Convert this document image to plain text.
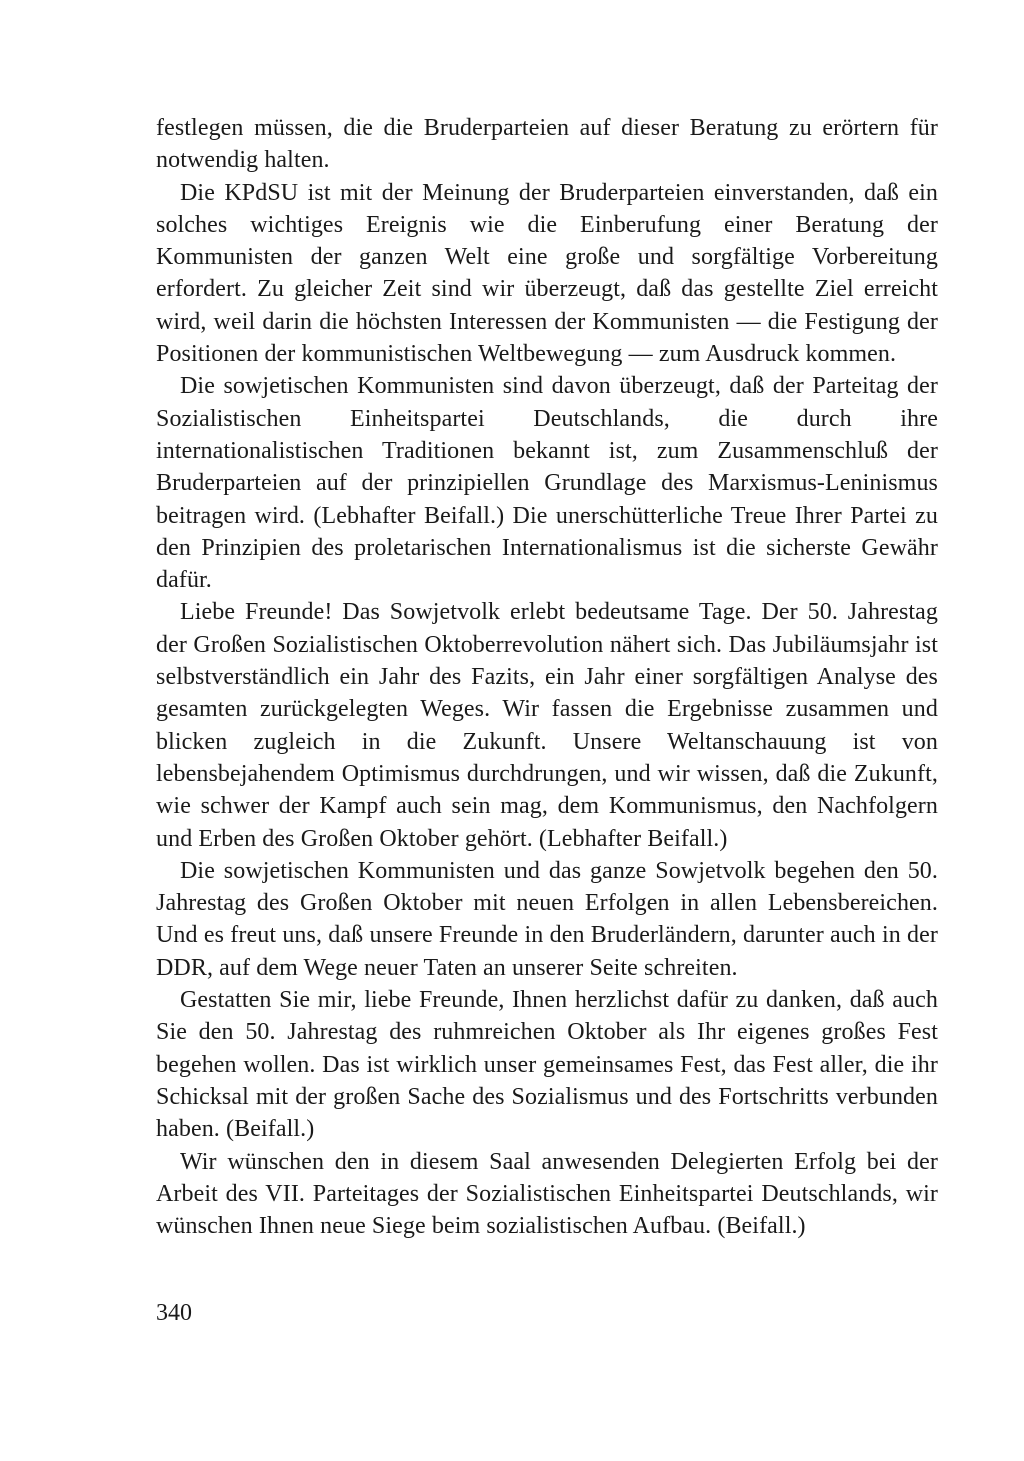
festlegen müssen, die die Bruderparteien auf dieser Beratung zu erörtern für notwendig halten.

Die KPdSU ist mit der Meinung der Bruderparteien einverstanden, daß ein solches wichtiges Ereignis wie die Einberufung einer Beratung der Kommunisten der ganzen Welt eine große und sorgfältige Vorbereitung erfordert. Zu gleicher Zeit sind wir überzeugt, daß das gestellte Ziel erreicht wird, weil darin die höchsten Interessen der Kommunisten — die Festigung der Positionen der kommunistischen Weltbewegung — zum Ausdruck kommen.

Die sowjetischen Kommunisten sind davon überzeugt, daß der Parteitag der Sozialistischen Einheitspartei Deutschlands, die durch ihre internationalistischen Traditionen bekannt ist, zum Zusammenschluß der Bruderparteien auf der prinzipiellen Grundlage des Marxismus-Leninismus beitragen wird. (Lebhafter Beifall.) Die unerschütterliche Treue Ihrer Partei zu den Prinzipien des proletarischen Internationalismus ist die sicherste Gewähr dafür.

Liebe Freunde! Das Sowjetvolk erlebt bedeutsame Tage. Der 50. Jahrestag der Großen Sozialistischen Oktoberrevolution nähert sich. Das Jubiläumsjahr ist selbstverständlich ein Jahr des Fazits, ein Jahr einer sorgfältigen Analyse des gesamten zurückgelegten Weges. Wir fassen die Ergebnisse zusammen und blicken zugleich in die Zukunft. Unsere Weltanschauung ist von lebensbejahendem Optimismus durchdrungen, und wir wissen, daß die Zukunft, wie schwer der Kampf auch sein mag, dem Kommunismus, den Nachfolgern und Erben des Großen Oktober gehört. (Lebhafter Beifall.)

Die sowjetischen Kommunisten und das ganze Sowjetvolk begehen den 50. Jahrestag des Großen Oktober mit neuen Erfolgen in allen Lebensbereichen. Und es freut uns, daß unsere Freunde in den Bruderländern, darunter auch in der DDR, auf dem Wege neuer Taten an unserer Seite schreiten.

Gestatten Sie mir, liebe Freunde, Ihnen herzlichst dafür zu danken, daß auch Sie den 50. Jahrestag des ruhmreichen Oktober als Ihr eigenes großes Fest begehen wollen. Das ist wirklich unser gemeinsames Fest, das Fest aller, die ihr Schicksal mit der großen Sache des Sozialismus und des Fortschritts verbunden haben. (Beifall.)

Wir wünschen den in diesem Saal anwesenden Delegierten Erfolg bei der Arbeit des VII. Parteitages der Sozialistischen Einheitspartei Deutschlands, wir wünschen Ihnen neue Siege beim sozialistischen Aufbau. (Beifall.)

340
